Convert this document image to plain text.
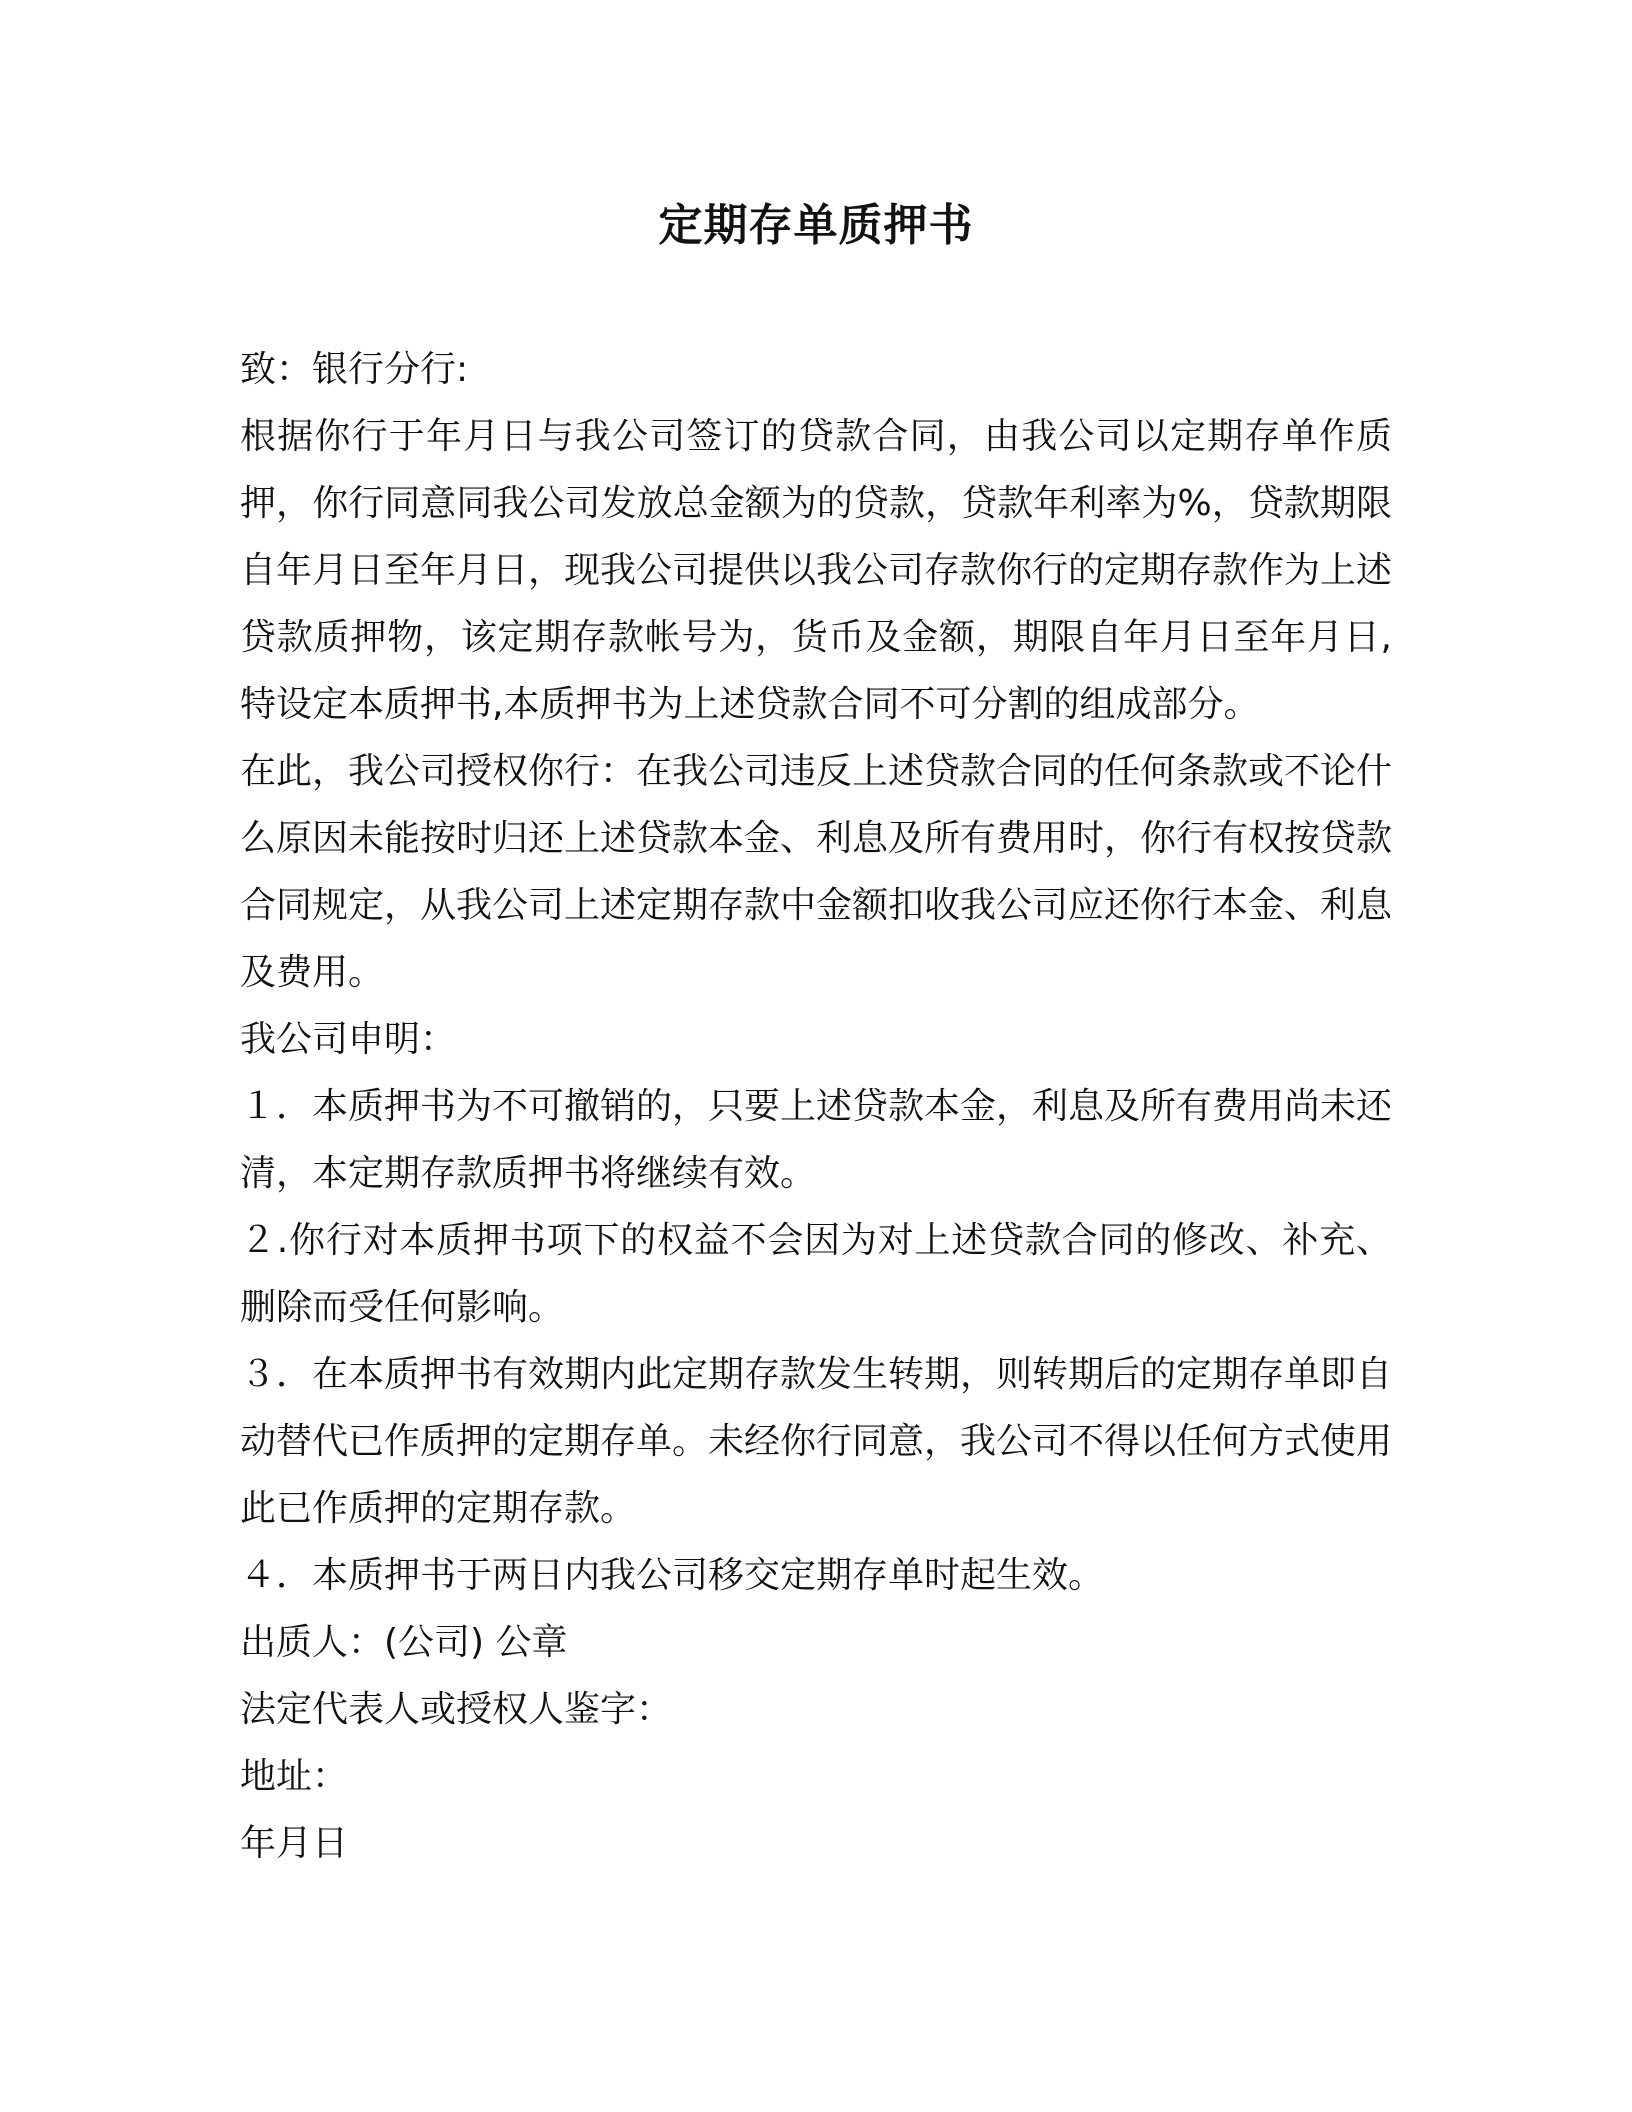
定期存单质押书

致：银行分行:

根据你行于年月日与我公司签订的贷款合同，由我公司以定期存单作质押，你行同意同我公司发放总金额为的贷款，贷款年利率为%，贷款期限自年月日至年月日，现我公司提供以我公司存款你行的定期存款作为上述贷款质押物，该定期存款帐号为，货币及金额，期限自年月日至年月日,特设定本质押书,本质押书为上述贷款合同不可分割的组成部分。

在此，我公司授权你行：在我公司违反上述贷款合同的任何条款或不论什么原因未能按时归还上述贷款本金、利息及所有费用时，你行有权按贷款合同规定，从我公司上述定期存款中金额扣收我公司应还你行本金、利息及费用。

我公司申明：

１．本质押书为不可撤销的，只要上述贷款本金，利息及所有费用尚未还清，本定期存款质押书将继续有效。

２.你行对本质押书项下的权益不会因为对上述贷款合同的修改、补充、删除而受任何影响。

３．在本质押书有效期内此定期存款发生转期，则转期后的定期存单即自动替代已作质押的定期存单。未经你行同意，我公司不得以任何方式使用此已作质押的定期存款。

４．本质押书于两日内我公司移交定期存单时起生效。

出质人：(公司) 公章

法定代表人或授权人鉴字：

地址：

年月日
